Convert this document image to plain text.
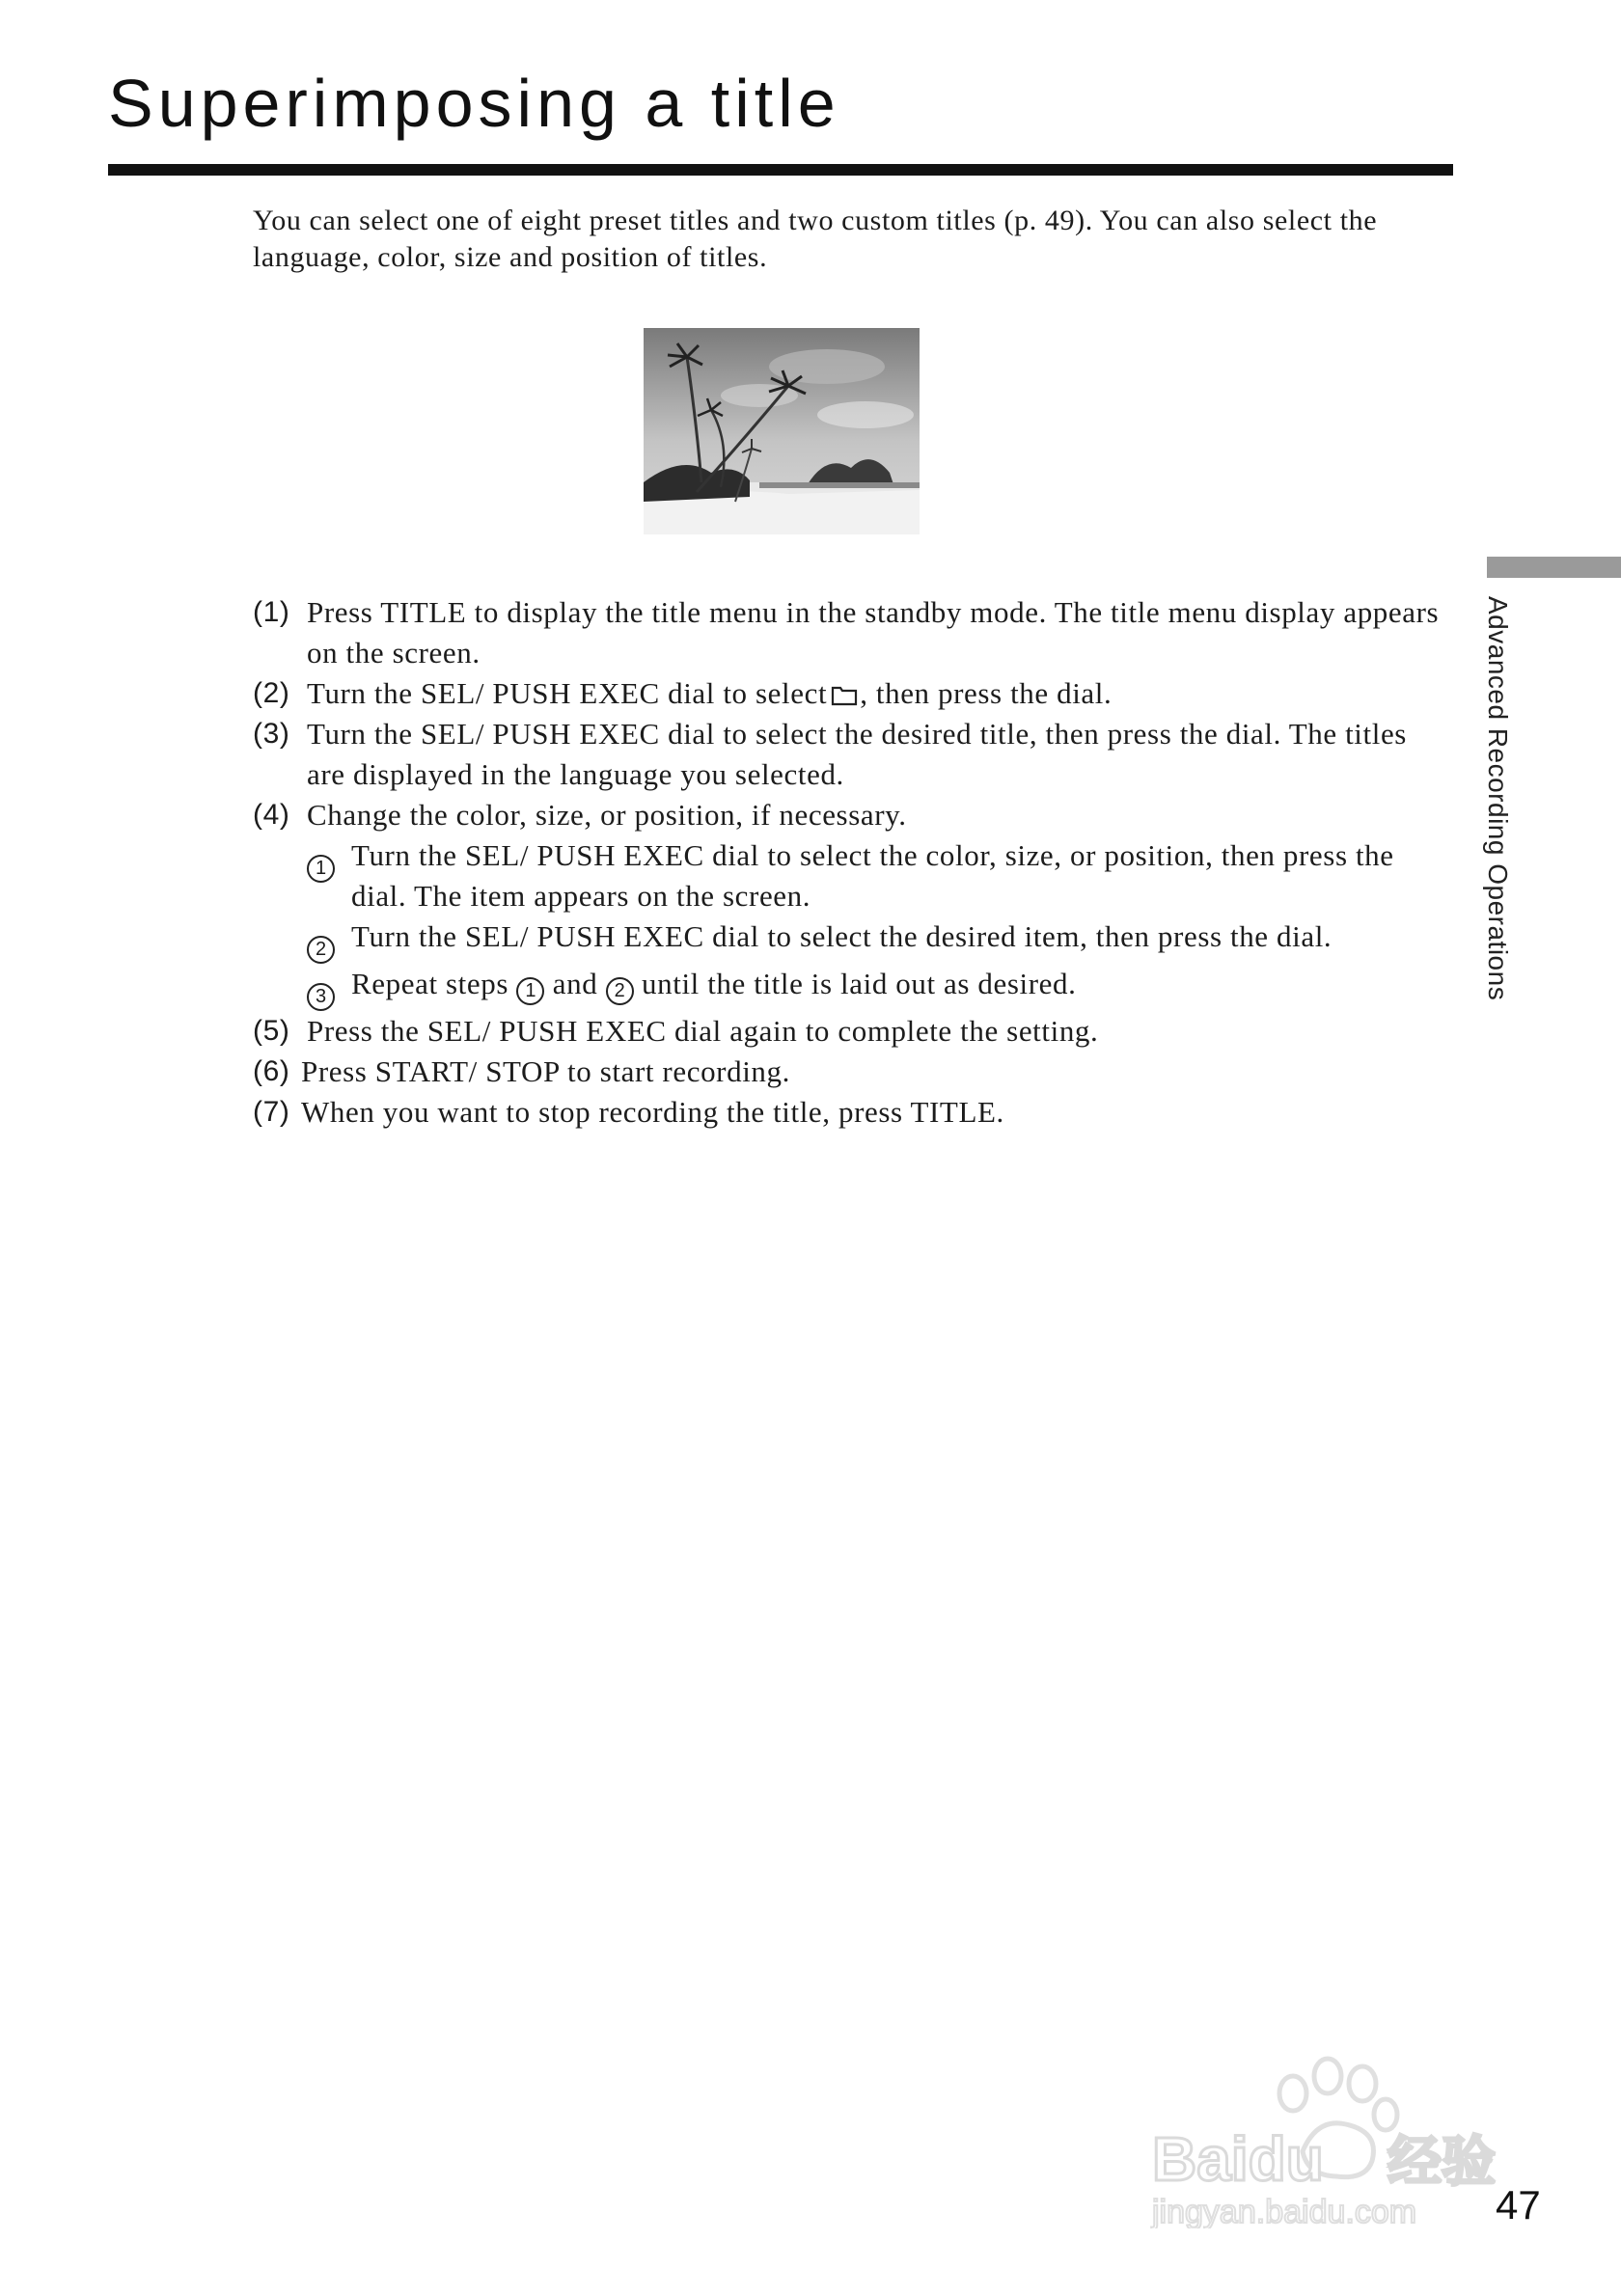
Superimposing a title

You can select one of eight preset titles and two custom titles (p. 49). You can also select the language, color, size and position of titles.

(1) Press TITLE to display the title menu in the standby mode. The title menu display appears on the screen.
(2) Turn the SEL/ PUSH EXEC dial to select , then press the dial.
(3) Turn the SEL/ PUSH EXEC dial to select the desired title, then press the dial. The titles are displayed in the language you selected.
(4) Change the color, size, or position, if necessary.
1 Turn the SEL/ PUSH EXEC dial to select the color, size, or position, then press the dial. The item appears on the screen.
2 Turn the SEL/ PUSH EXEC dial to select the desired item, then press the dial.
3 Repeat steps 1 and 2 until the title is laid out as desired.
(5) Press the SEL/ PUSH EXEC dial again to complete the setting.
(6) Press START/ STOP to start recording.
(7) When you want to stop recording the title, press TITLE.
Advanced Recording Operations
Baidu 经验
jingyan.baidu.com 47
